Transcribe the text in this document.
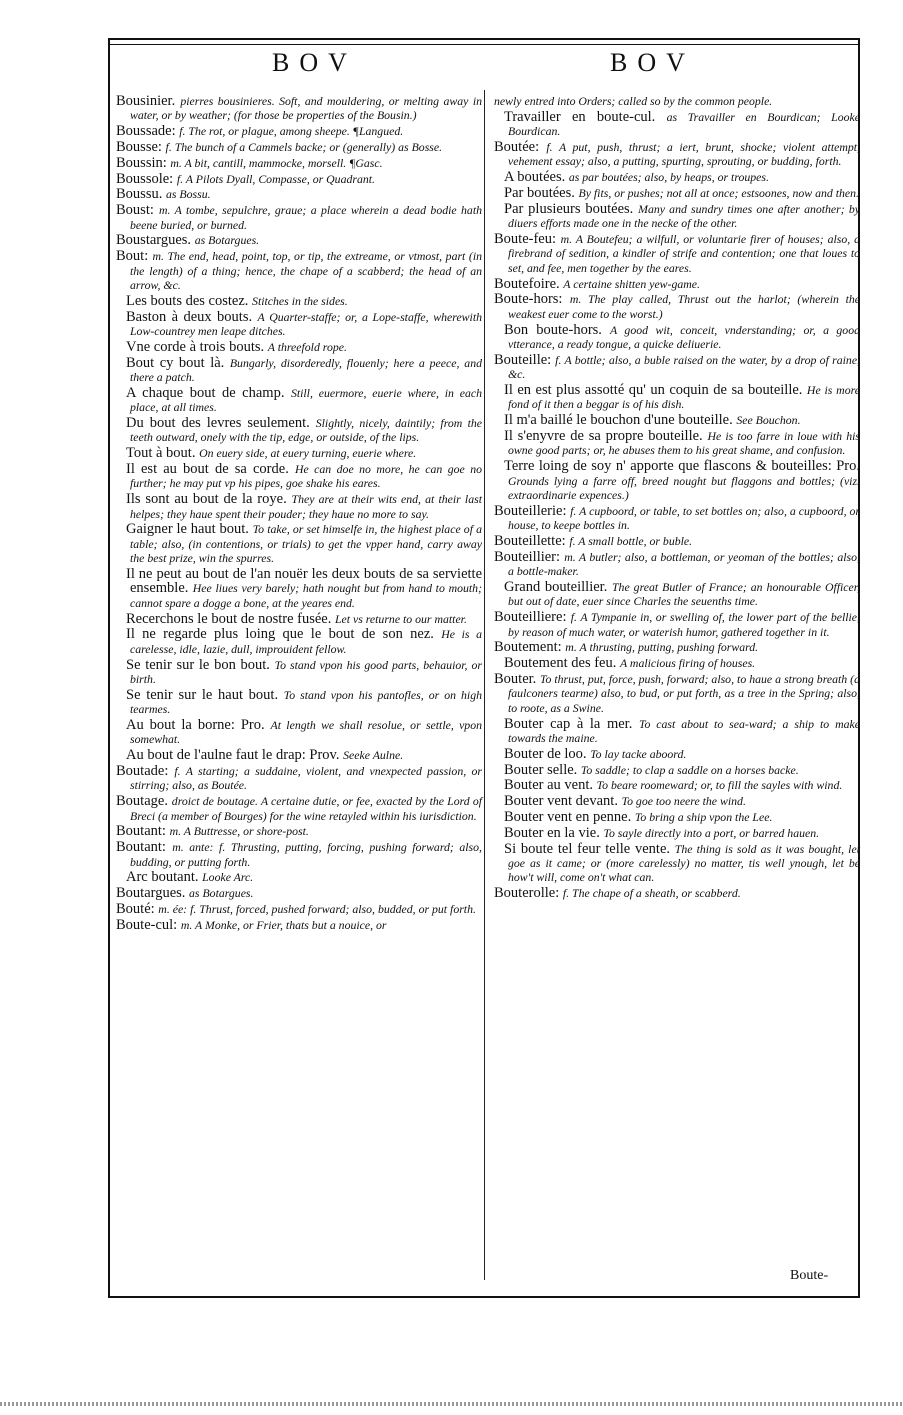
BOV	BOV

Bousinier. pierres bousinieres. Soft, and mouldering, or melting away in water, or by weather; (for those be properties of the Bousin.)

Boussade: f. The rot, or plague, among sheepe. ¶Langued.

Bousse: f. The bunch of a Cammels backe; or (generally) as Bosse.

Boussin: m. A bit, cantill, mammocke, morsell. ¶Gasc.

Boussole: f. A Pilots Dyall, Compasse, or Quadrant.

Boussu. as Bossu.

Boust: m. A tombe, sepulchre, graue; a place wherein a dead bodie hath beene buried, or burned.

Boustargues. as Botargues.

Bout: m. The end, head, point, top, or tip, the extreame, or vtmost, part (in the length) of a thing; hence, the chape of a scabberd; the head of an arrow, &c.

Les bouts des costez. Stitches in the sides.

Baston à deux bouts. A Quarter-staffe; or, a Lope-staffe, wherewith Low-countrey men leape ditches.

Vne corde à trois bouts. A threefold rope.

Bout cy bout là. Bungarly, disorderedly, flouenly; here a peece, and there a patch.

A chaque bout de champ. Still, euermore, euerie where, in each place, at all times.

Du bout des levres seulement. Slightly, nicely, daintily; from the teeth outward, onely with the tip, edge, or outside, of the lips.

Tout à bout. On euery side, at euery turning, euerie where.

Il est au bout de sa corde. He can doe no more, he can goe no further; he may put vp his pipes, goe shake his eares.

Ils sont au bout de la roye. They are at their wits end, at their last helpes; they haue spent their pouder; they haue no more to say.

Gaigner le haut bout. To take, or set himselfe in, the highest place of a table; also, (in contentions, or trials) to get the vpper hand, carry away the best prize, win the spurres.

Il ne peut au bout de l'an nouër les deux bouts de sa serviette ensemble. Hee liues very barely; hath nought but from hand to mouth; cannot spare a dogge a bone, at the yeares end.

Recerchons le bout de nostre fusée. Let vs returne to our matter.

Il ne regarde plus loing que le bout de son nez. He is a carelesse, idle, lazie, dull, improuident fellow.

Se tenir sur le bon bout. To stand vpon his good parts, behauior, or birth.

Se tenir sur le haut bout. To stand vpon his pantofles, or on high tearmes.

Au bout la borne: Pro. At length we shall resolue, or settle, vpon somewhat.

Au bout de l'aulne faut le drap: Prov. Seeke Aulne.

Boutade: f. A starting; a suddaine, violent, and vnexpected passion, or stirring; also, as Boutée.

Boutage. droict de boutage. A certaine dutie, or fee, exacted by the Lord of Breci (a member of Bourges) for the wine retayled within his iurisdiction.

Boutant: m. A Buttresse, or shore-post.

Boutant: m. ante: f. Thrusting, putting, forcing, pushing forward; also, budding, or putting forth.

Arc boutant. Looke Arc.

Boutargues. as Botargues.

Bouté: m. ée: f. Thrust, forced, pushed forward; also, budded, or put forth.

Boute-cul: m. A Monke, or Frier, thats but a nouice, or

newly entred into Orders; called so by the common people.

Travailler en boute-cul. as Travailler en Bourdican; Looke Bourdican.

Boutée: f. A put, push, thrust; a iert, brunt, shocke; violent attempt, vehement essay; also, a putting, spurting, sprouting, or budding, forth.

A boutées. as par boutées; also, by heaps, or troupes.

Par boutées. By fits, or pushes; not all at once; estsoones, now and then.

Par plusieurs boutées. Many and sundry times one after another; by diuers efforts made one in the necke of the other.

Boute-feu: m. A Boutefeu; a wilfull, or voluntarie firer of houses; also, a firebrand of sedition, a kindler of strife and contention; one that loues to set, and fee, men together by the eares.

Boutefoire. A certaine shitten yew-game.

Boute-hors: m. The play called, Thrust out the harlot; (wherein the weakest euer come to the worst.)

Bon boute-hors. A good wit, conceit, vnderstanding; or, a good vtterance, a ready tongue, a quicke deliuerie.

Bouteille: f. A bottle; also, a buble raised on the water, by a drop of raine, &c.

Il en est plus assotté qu' un coquin de sa bouteille. He is more fond of it then a beggar is of his dish.

Il m'a baillé le bouchon d'une bouteille. See Bouchon.

Il s'enyvre de sa propre bouteille. He is too farre in loue with his owne good parts; or, he abuses them to his great shame, and confusion.

Terre loing de soy n' apporte que flascons & bouteilles: Pro. Grounds lying a farre off, breed nought but flaggons and bottles; (viz. extraordinarie expences.)

Bouteillerie: f. A cupboord, or table, to set bottles on; also, a cupboord, or house, to keepe bottles in.

Bouteillette: f. A small bottle, or buble.

Bouteillier: m. A butler; also, a bottleman, or yeoman of the bottles; also, a bottle-maker.

Grand bouteillier. The great Butler of France; an honourable Officer, but out of date, euer since Charles the seuenths time.

Bouteilliere: f. A Tympanie in, or swelling of, the lower part of the bellie, by reason of much water, or waterish humor, gathered together in it.

Boutement: m. A thrusting, putting, pushing forward.

Boutement des feu. A malicious firing of houses.

Bouter. To thrust, put, force, push, forward; also, to haue a strong breath (a faulconers tearme) also, to bud, or put forth, as a tree in the Spring; also, to roote, as a Swine.

Bouter cap à la mer. To cast about to sea-ward; a ship to make towards the maine.

Bouter de loo. To lay tacke aboord.

Bouter selle. To saddle; to clap a saddle on a horses backe.

Bouter au vent. To beare roomeward; or, to fill the sayles with wind.

Bouter vent devant. To goe too neere the wind.

Bouter vent en penne. To bring a ship vpon the Lee.

Bouter en la vie. To sayle directly into a port, or barred hauen.

Si boute tel feur telle vente. The thing is sold as it was bought, let goe as it came; or (more carelessly) no matter, tis well ynough, let be how't will, come on't what can.

Bouterolle: f. The chape of a sheath, or scabberd.

Boute-
